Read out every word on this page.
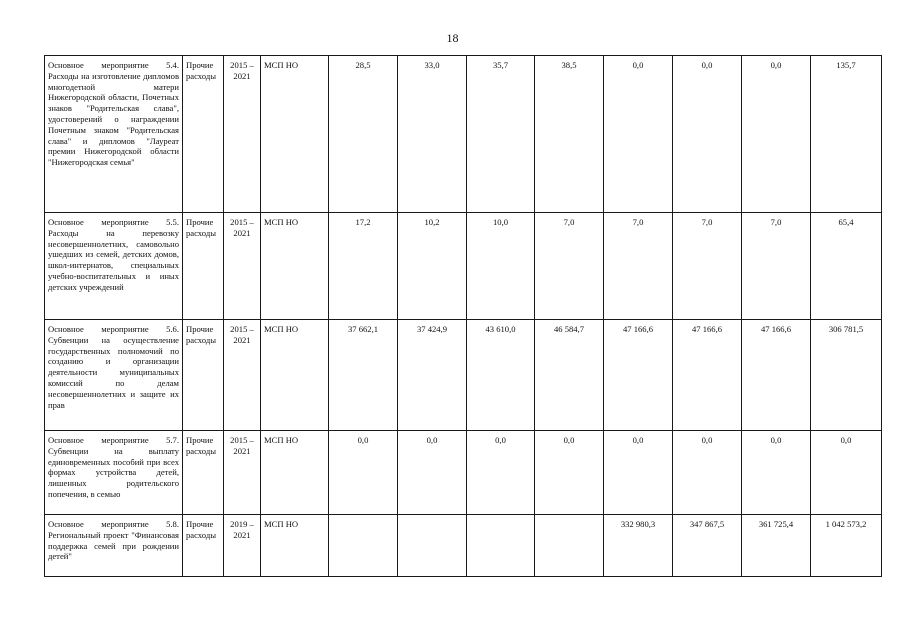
18
Основное мероприятие 5.4. Расходы на изготовление дипломов многодетной матери Нижегородской области, Почетных знаков "Родительская слава", удостоверений о награждении Почетным знаком "Родительская слава" и дипломов "Лауреат премии Нижегородской области "Нижегородская семья"	Прочие расходы	2015 – 2021	МСП НО	28,5	33,0	35,7	38,5	0,0	0,0	0,0	135,7
Основное мероприятие 5.5. Расходы на перевозку несовершеннолетних, самовольно ушедших из семей, детских домов, школ-интернатов, специальных учебно-воспитательных и иных детских учреждений	Прочие расходы	2015 – 2021	МСП НО	17,2	10,2	10,0	7,0	7,0	7,0	7,0	65,4
Основное мероприятие 5.6. Субвенции на осуществление государственных полномочий по созданию и организации деятельности муниципальных комиссий по делам несовершеннолетних и защите их прав	Прочие расходы	2015 – 2021	МСП НО	37 662,1	37 424,9	43 610,0	46 584,7	47 166,6	47 166,6	47 166,6	306 781,5
Основное мероприятие 5.7. Субвенции на выплату единовременных пособий при всех формах устройства детей, лишенных родительского попечения, в семью	Прочие расходы	2015 – 2021	МСП НО	0,0	0,0	0,0	0,0	0,0	0,0	0,0	0,0
Основное мероприятие 5.8. Региональный проект "Финансовая поддержка семей при рождении детей"	Прочие расходы	2019 – 2021	МСП НО					332 980,3	347 867,5	361 725,4	1 042 573,2
